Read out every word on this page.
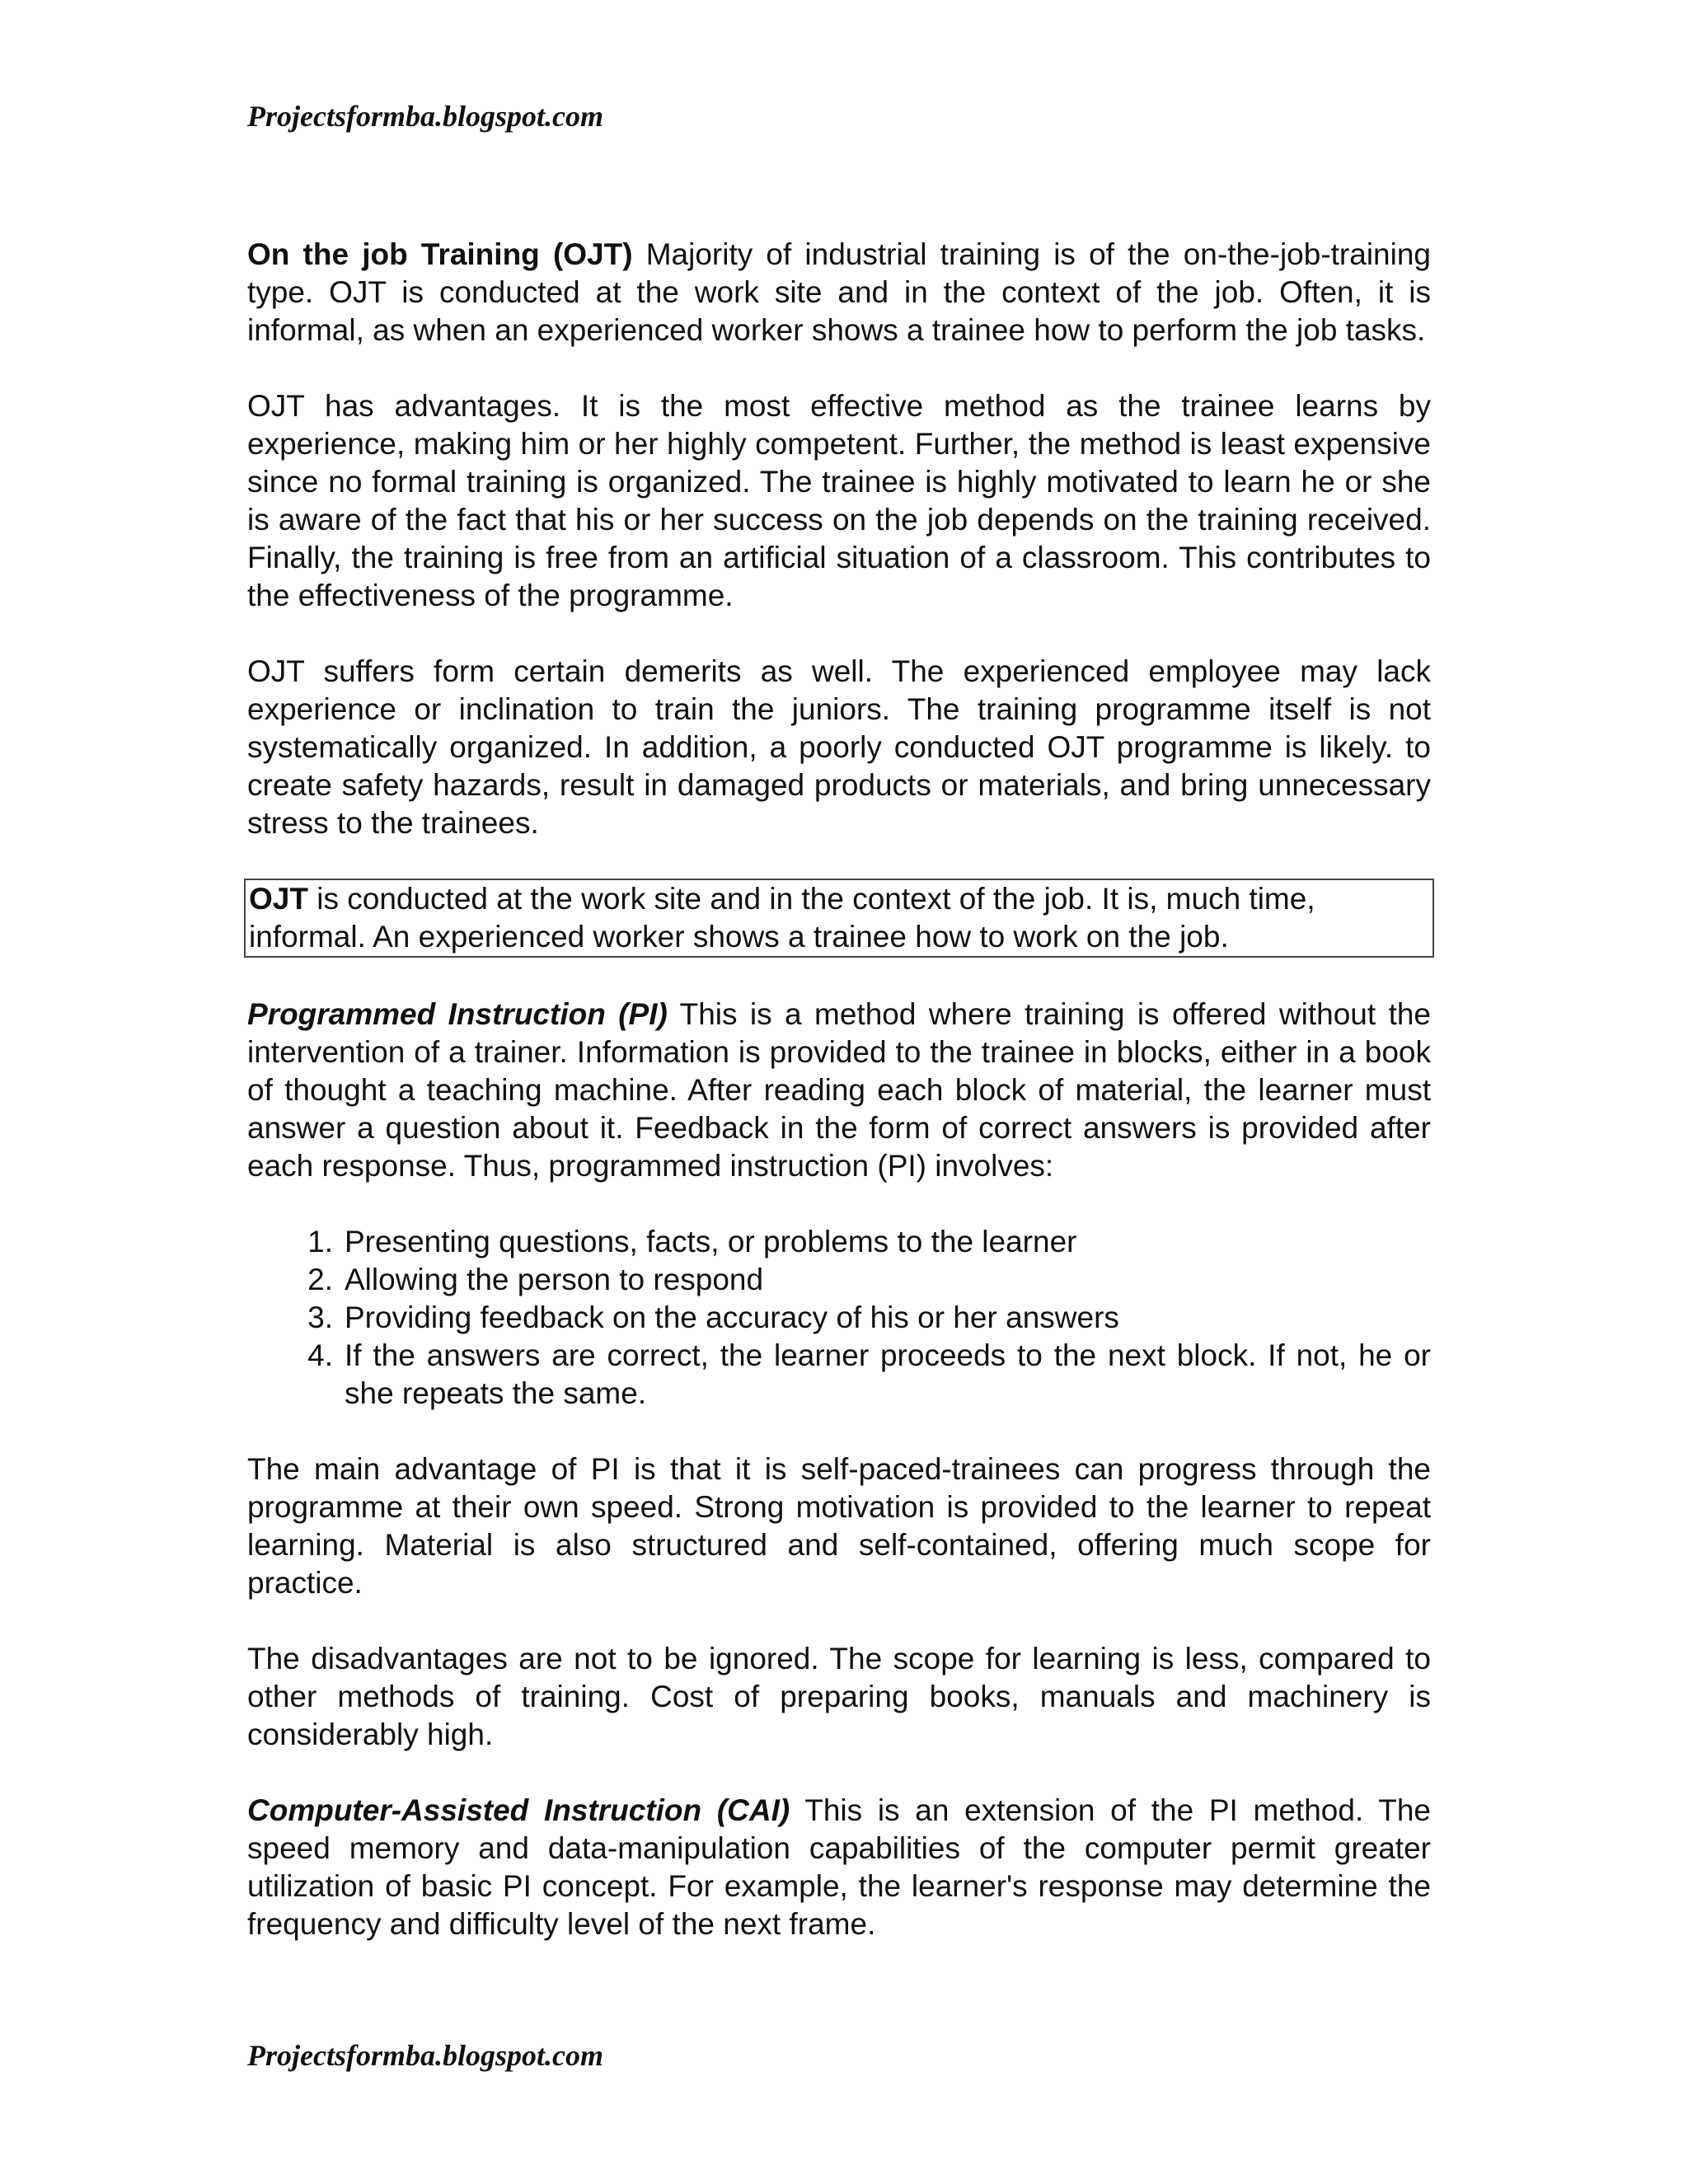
Projectsformba.blogspot.com

On the job Training (OJT) Majority of industrial training is of the on-the-job-training type. OJT is conducted at the work site and in the context of the job. Often, it is informal, as when an experienced worker shows a trainee how to perform the job tasks.

OJT has advantages. It is the most effective method as the trainee learns by experience, making him or her highly competent. Further, the method is least expensive since no formal training is organized. The trainee is highly motivated to learn he or she is aware of the fact that his or her success on the job depends on the training received. Finally, the training is free from an artificial situation of a classroom. This contributes to the effectiveness of the programme.

OJT suffers form certain demerits as well. The experienced employee may lack experience or inclination to train the juniors. The training programme itself is not systematically organized. In addition, a poorly conducted OJT programme is likely. to create safety hazards, result in damaged products or materials, and bring unnecessary stress to the trainees.

OJT is conducted at the work site and in the context of the job. It is, much time, informal. An experienced worker shows a trainee how to work on the job.

Programmed Instruction (PI) This is a method where training is offered without the intervention of a trainer. Information is provided to the trainee in blocks, either in a book of thought a teaching machine. After reading each block of material, the learner must answer a question about it. Feedback in the form of correct answers is provided after each response. Thus, programmed instruction (PI) involves:

1. Presenting questions, facts, or problems to the learner
2. Allowing the person to respond
3. Providing feedback on the accuracy of his or her answers
4. If the answers are correct, the learner proceeds to the next block. If not, he or she repeats the same.

The main advantage of PI is that it is self-paced-trainees can progress through the programme at their own speed. Strong motivation is provided to the learner to repeat learning. Material is also structured and self-contained, offering much scope for practice.

The disadvantages are not to be ignored. The scope for learning is less, compared to other methods of training. Cost of preparing books, manuals and machinery is considerably high.

Computer-Assisted Instruction (CAI) This is an extension of the PI method. The speed memory and data-manipulation capabilities of the computer permit greater utilization of basic PI concept. For example, the learner's response may determine the frequency and difficulty level of the next frame.

Projectsformba.blogspot.com
